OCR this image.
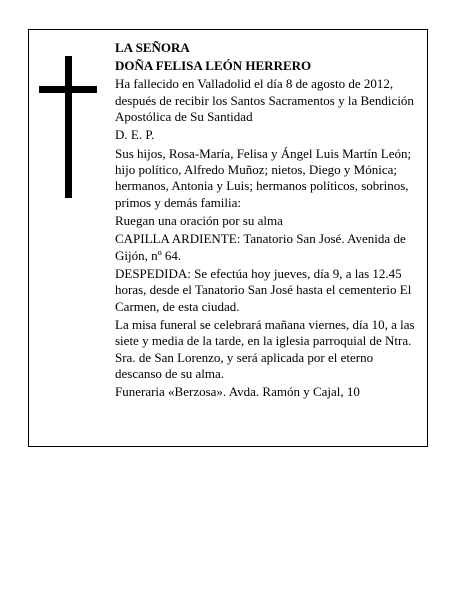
LA SEÑORA

DOÑA FELISA LEÓN HERRERO

Ha fallecido en Valladolid el día 8 de agosto de 2012, después de recibir los Santos Sacramentos y la Bendición Apostólica de Su Santidad

D. E. P.

Sus hijos, Rosa-María, Felisa y Ángel Luis Martín León; hijo político, Alfredo Muñoz; nietos, Diego y Mónica; hermanos, Antonia y Luis; hermanos políticos, sobrinos, primos y demás familia:

Ruegan una oración por su alma

CAPILLA ARDIENTE: Tanatorio San José. Avenida de Gijón, nº 64.

DESPEDIDA: Se efectúa hoy jueves, día 9, a las 12.45 horas, desde el Tanatorio San José hasta el cementerio El Carmen, de esta ciudad.

La misa funeral se celebrará mañana viernes, día 10, a las siete y media de la tarde, en la iglesia parroquial de Ntra. Sra. de San Lorenzo, y será aplicada por el eterno descanso de su alma.

Funeraria «Berzosa». Avda. Ramón y Cajal, 10
